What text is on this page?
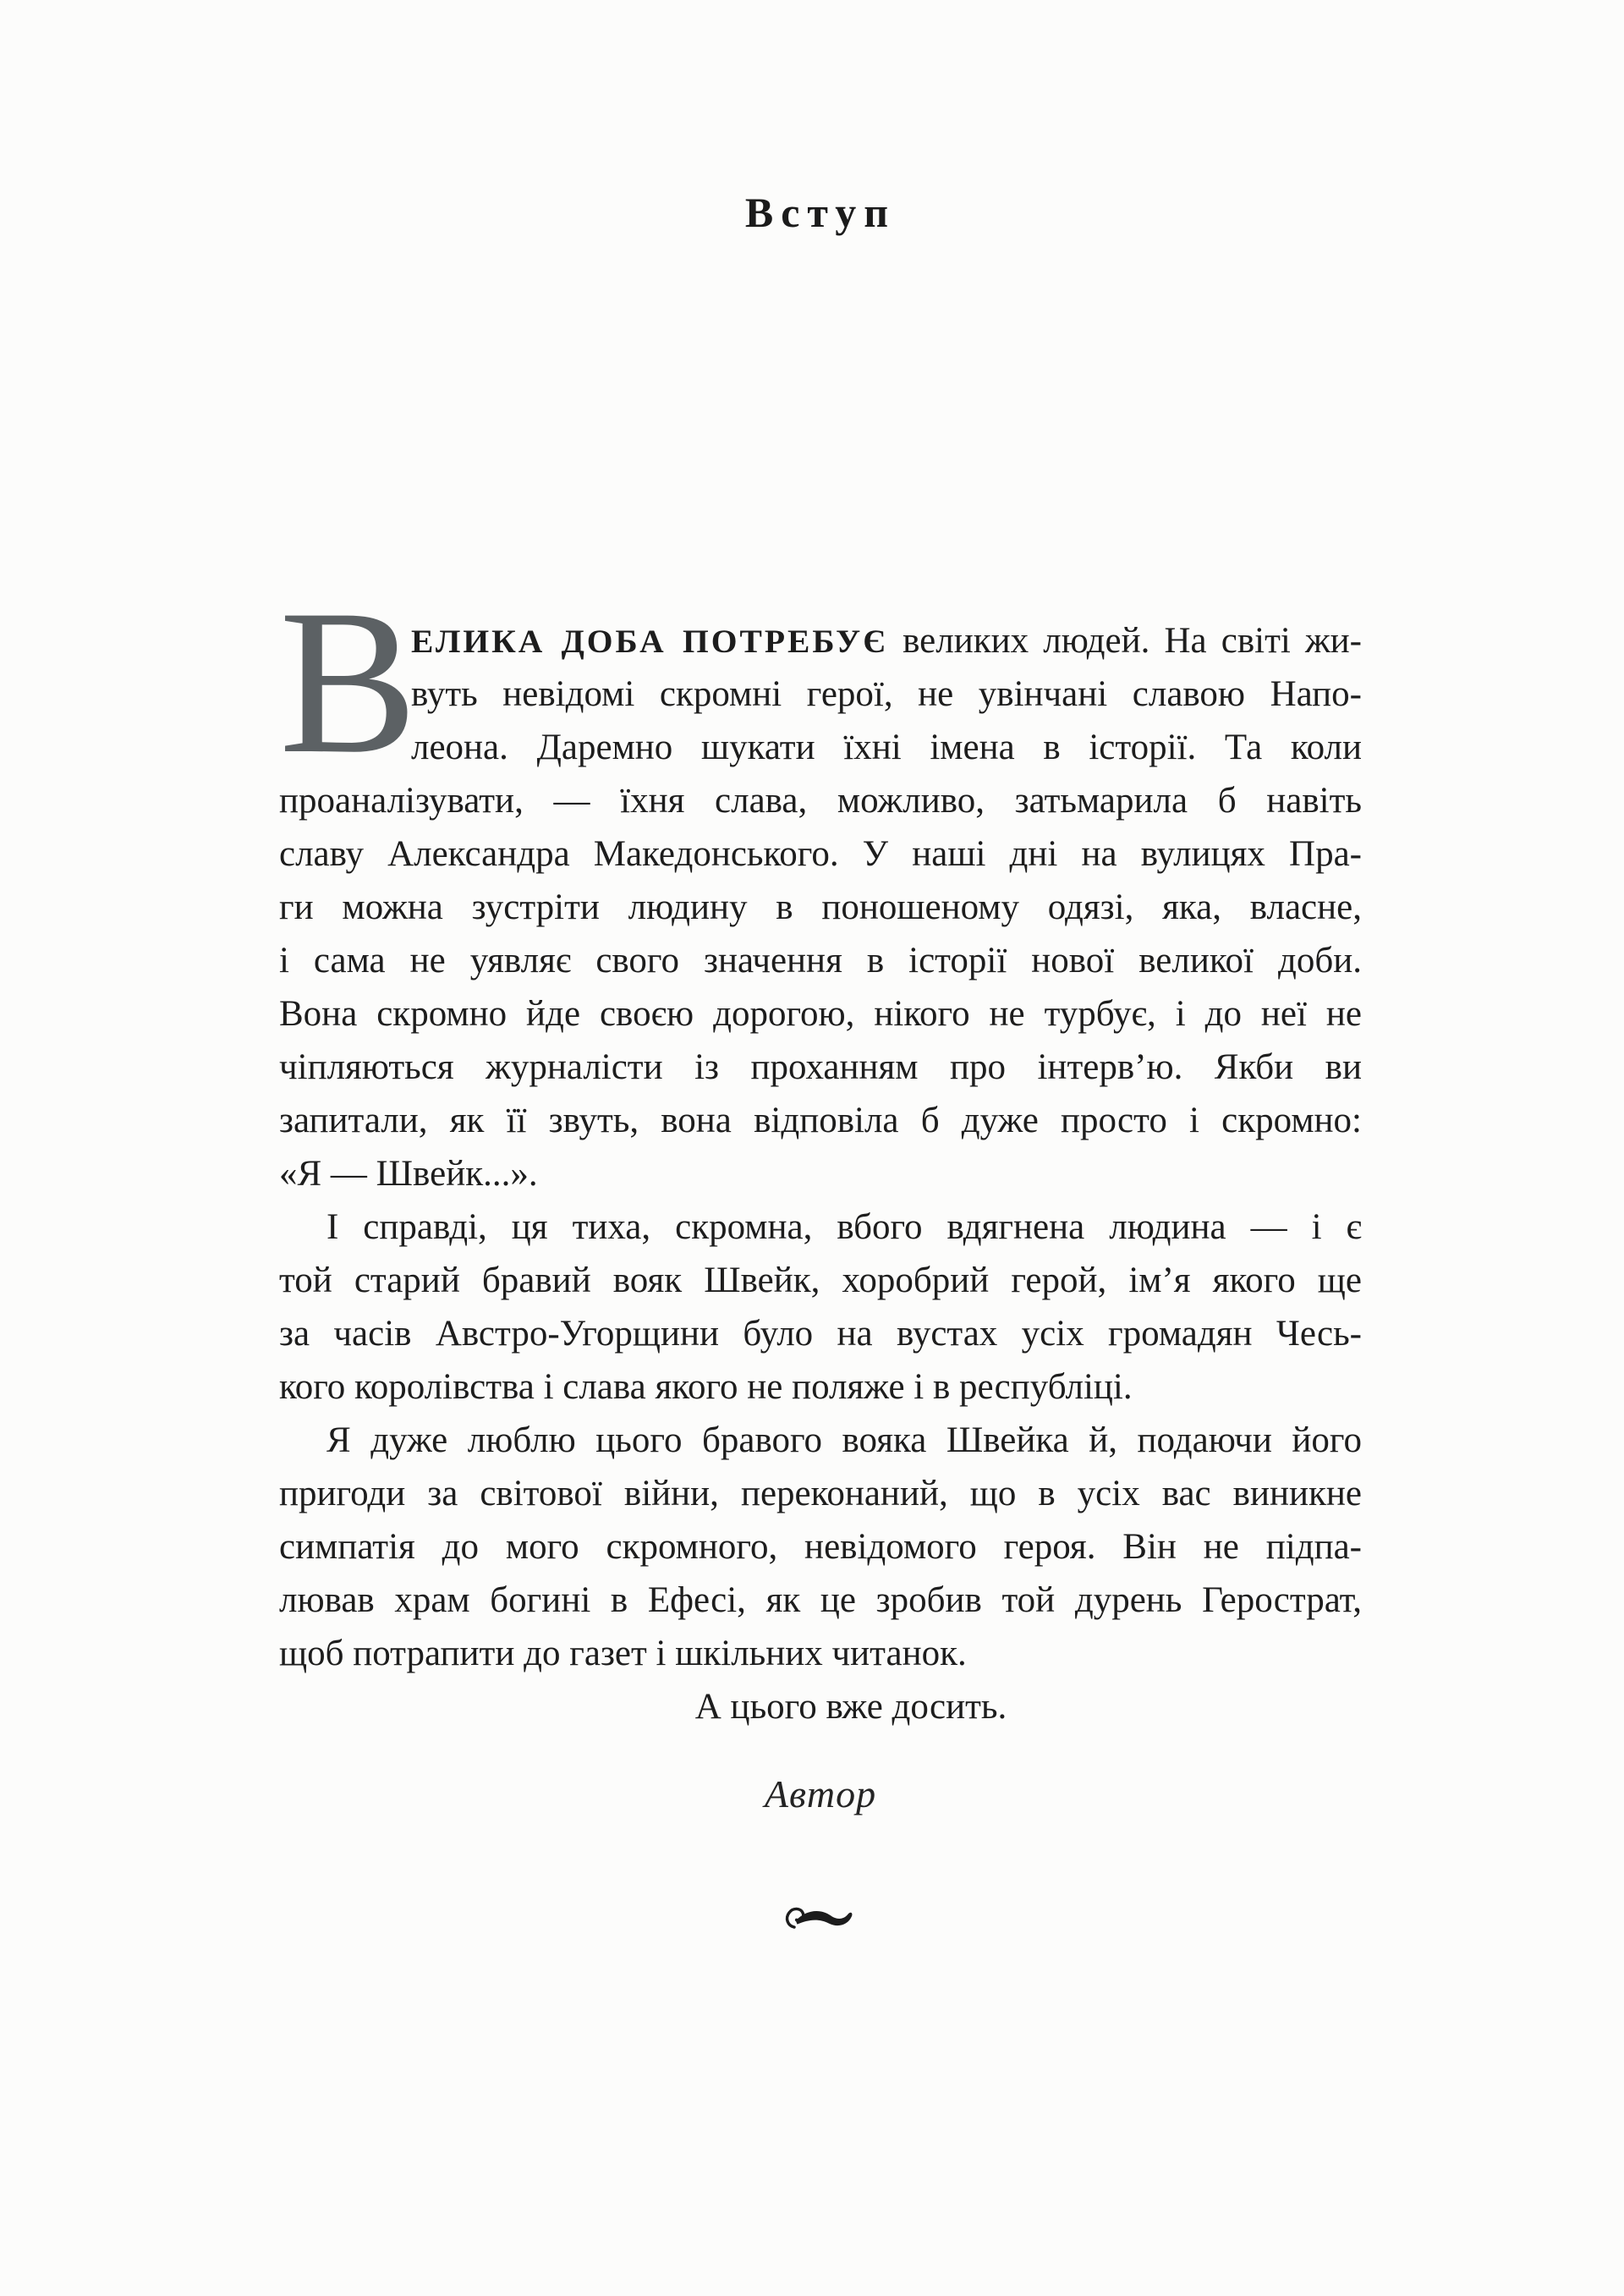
Вступ
В
ЕЛИКА ДОБА ПОТРЕБУЄ великих людей. На світі жи-
вуть невідомі скромні герої, не увінчані славою Напо-
леона. Даремно шукати їхні імена в історії. Та коли
проаналізувати, — їхня слава, можливо, затьмарила б навіть
славу Александра Македонського. У наші дні на вулицях Пра-
ги можна зустріти людину в поношеному одязі, яка, власне,
і сама не уявляє свого значення в історії нової великої доби.
Вона скромно йде своєю дорогою, нікого не турбує, і до неї не
чіпляються журналісти із проханням про інтерв’ю. Якби ви
запитали, як її звуть, вона відповіла б дуже просто і скромно:
«Я — Швейк...».
І справді, ця тиха, скромна, вбого вдягнена людина — і є
той старий бравий вояк Швейк, хоробрий герой, ім’я якого ще
за часів Австро-Угорщини було на вустах усіх громадян Чесь-
кого королівства і слава якого не поляже і в республіці.
Я дуже люблю цього бравого вояка Швейка й, подаючи його
пригоди за світової війни, переконаний, що в усіх вас виникне
симпатія до мого скромного, невідомого героя. Він не підпа-
лював храм богині в Ефесі, як це зробив той дурень Герострат,
щоб потрапити до газет і шкільних читанок.
А цього вже досить.
Автор
